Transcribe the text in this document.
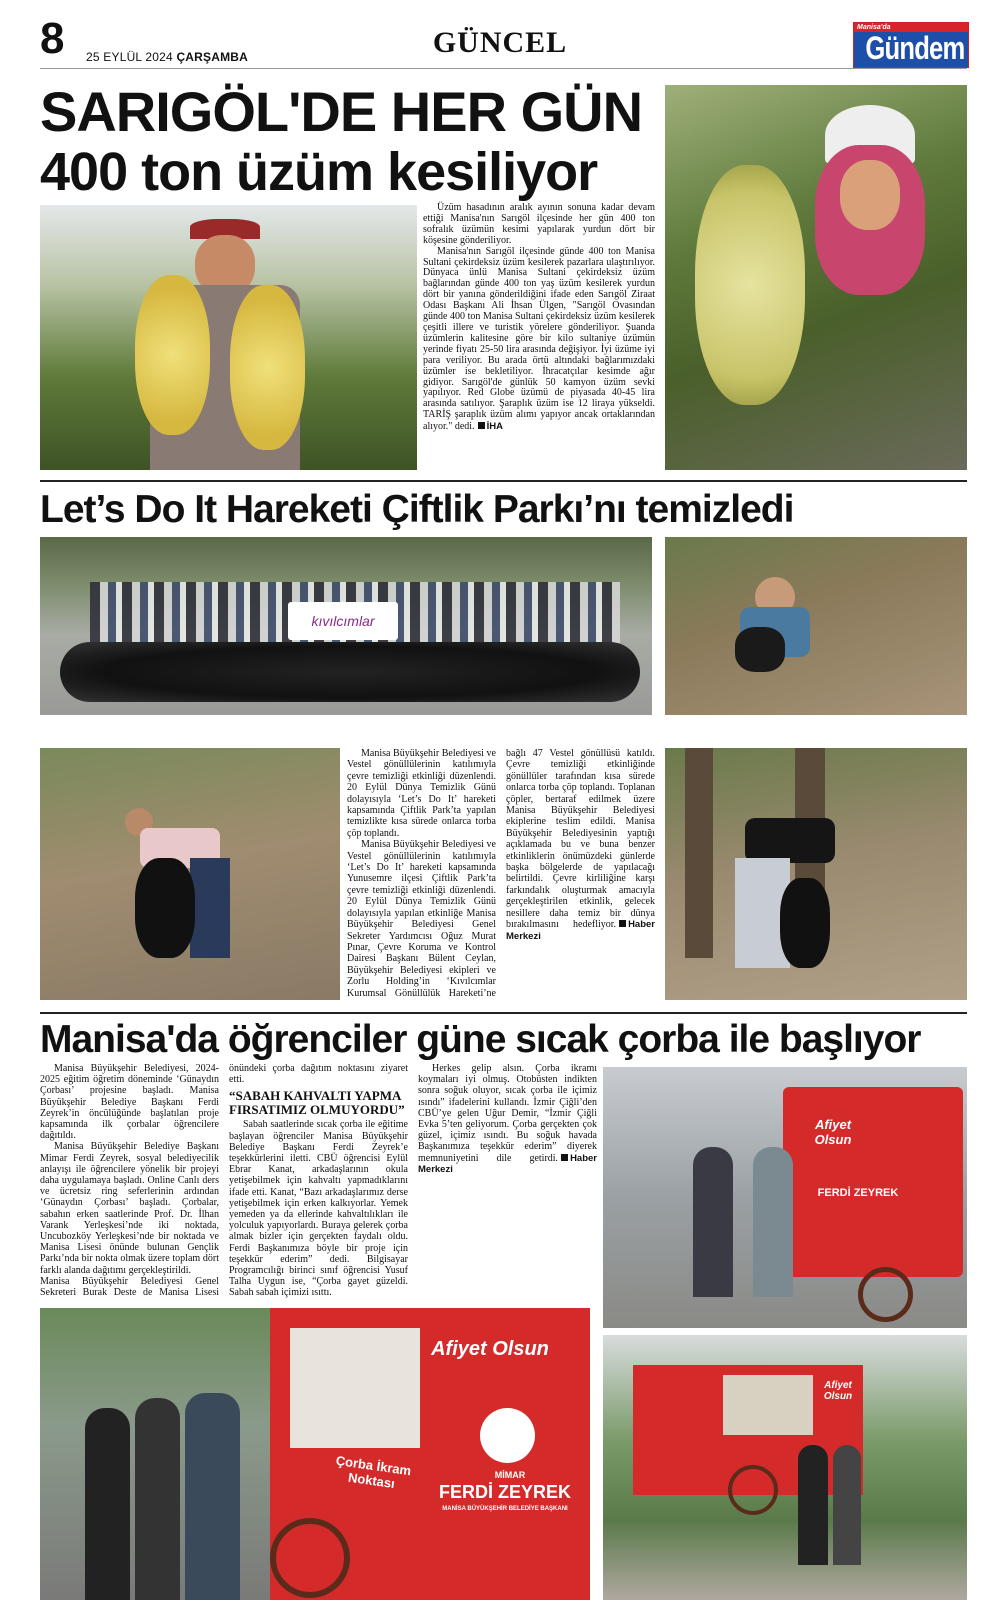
8 25 EYLÜL 2024 ÇARŞAMBA	GÜNCEL	Manisa'da
Gündem
SARIGÖL'DE HER GÜN
400 ton üzüm kesiliyor

Üzüm hasadının aralık ayının sonuna kadar devam ettiği Manisa'nın Sarıgöl ilçesinde her gün 400 ton sofralık üzümün kesimi yapılarak yurdun dört bir köşesine gönderiliyor.

Manisa'nın Sarıgöl ilçesinde günde 400 ton Manisa Sultani çekirdeksiz üzüm kesilerek pazarlara ulaştırılıyor. Dünyaca ünlü Manisa Sultani çekirdeksiz üzüm bağlarından günde 400 ton yaş üzüm kesilerek yurdun dört bir yanına gönderildiğini ifade eden Sarıgöl Ziraat Odası Başkanı Ali İhsan Ülgen, "Sarıgöl Ovasından günde 400 ton Manisa Sultani çekirdeksiz üzüm kesilerek çeşitli illere ve turistik yörelere gönderiliyor. Şuanda üzümlerin kalitesine göre bir kilo sultaniye üzümün yerinde fiyatı 25-50 lira arasında değişiyor. İyi üzüme iyi para veriliyor. Bu arada örtü altındaki bağlarımızdaki üzümler ise bekletiliyor. İhracatçılar kesimde ağır gidiyor. Sarıgöl'de günlük 50 kamyon üzüm sevki yapılıyor. Red Globe üzümü de piyasada 40-45 lira arasında satılıyor. Şaraplık üzüm ise 12 liraya yükseldi. TARİŞ şaraplık üzüm alımı yapıyor ancak ortaklarından alıyor." dedi. İHA

Let’s Do It Hareketi Çiftlik Parkı’nı temizledi
kıvılcımlar

Manisa Büyükşehir Belediyesi ve Vestel gönüllülerinin katılımıyla çevre temizliği etkinliği düzenlendi. 20 Eylül Dünya Temizlik Günü dolayısıyla ‘Let’s Do It’ hareketi kapsamında Çiftlik Park’ta yapılan temizlikte kısa sürede onlarca torba çöp toplandı.

Manisa Büyükşehir Belediyesi ve Vestel gönüllülerinin katılımıyla ‘Let’s Do It’ hareketi kapsamında Yunusemre ilçesi Çiftlik Park’ta çevre temizliği etkinliği düzenlendi. 20 Eylül Dünya Temizlik Günü dolayısıyla yapılan etkinliğe Manisa Büyükşehir Belediyesi Genel Sekreter Yardımcısı Oğuz Murat Pınar, Çevre Koruma ve Kontrol Dairesi Başkanı Bülent Ceylan, Büyükşehir Belediyesi ekipleri ve Zorlu Holding’in ‘Kıvılcımlar Kurumsal Gönüllülük Hareketi’ne bağlı 47 Vestel gönüllüsü katıldı. Çevre temizliği etkinliğinde gönüllüler tarafından kısa sürede onlarca torba çöp toplandı. Toplanan çöpler, bertaraf edilmek üzere Manisa Büyükşehir Belediyesi ekiplerine teslim edildi. Manisa Büyükşehir Belediyesinin yaptığı açıklamada bu ve buna benzer etkinliklerin önümüzdeki günlerde başka bölgelerde de yapılacağı belirtildi. Çevre kirliliğine karşı farkındalık oluşturmak amacıyla gerçekleştirilen etkinlik, gelecek nesillere daha temiz bir dünya bırakılmasını hedefliyor. Haber Merkezi

Manisa'da öğrenciler güne sıcak çorba ile başlıyor

Manisa Büyükşehir Belediyesi, 2024-2025 eğitim öğretim döneminde ‘Günaydın Çorbası’ projesine başladı. Manisa Büyükşehir Belediye Başkanı Ferdi Zeyrek’in öncülüğünde başlatılan proje kapsamında ilk çorbalar öğrencilere dağıtıldı.

Manisa Büyükşehir Belediye Başkanı Mimar Ferdi Zeyrek, sosyal belediyecilik anlayışı ile öğrencilere yönelik bir projeyi daha uygulamaya başladı. Online Canlı ders ve ücretsiz ring seferlerinin ardından ‘Günaydın Çorbası’ başladı. Çorbalar, sabahın erken saatlerinde Prof. Dr. İlhan Varank Yerleşkesi’nde iki noktada, Uncubozköy Yerleşkesi’nde bir noktada ve Manisa Lisesi önünde bulunan Gençlik Parkı’nda bir nokta olmak üzere toplam dört farklı alanda dağıtımı gerçekleştirildi.

Manisa Büyükşehir Belediyesi Genel Sekreteri Burak Deste de Manisa Lisesi önündeki çorba dağıtım noktasını ziyaret etti.

“SABAH KAHVALTI YAPMA FIRSATIMIZ OLMUYORDU”

Sabah saatlerinde sıcak çorba ile eğitime başlayan öğrenciler Manisa Büyükşehir Belediye Başkanı Ferdi Zeyrek’e teşekkürlerini iletti. CBÜ öğrencisi Eylül Ebrar Kanat, arkadaşlarının okula yetişebilmek için kahvaltı yapmadıklarını ifade etti. Kanat, “Bazı arkadaşlarımız derse yetişebilmek için erken kalkıyorlar. Yemek yemeden ya da ellerinde kahvaltılıkları ile yolculuk yapıyorlardı. Buraya gelerek çorba almak bizler için gerçekten faydalı oldu. Ferdi Başkanımıza böyle bir proje için teşekkür ederim” dedi. Bilgisayar Programcılığı birinci sınıf öğrencisi Yusuf Talha Uygun ise, “Çorba gayet güzeldi. Sabah sabah içimizi ısıttı.

Herkes gelip alsın. Çorba ikramı koymaları iyi olmuş. Otobüsten indikten sonra soğuk oluyor, sıcak çorba ile içimiz ısındı” ifadelerini kullandı. İzmir Çiğli’den CBÜ’ye gelen Uğur Demir, “İzmir Çiğli Evka 5’ten geliyorum. Çorba gerçekten çok güzel, içimiz ısındı. Bu soğuk havada Başkanımıza teşekkür ederim” diyerek memnuniyetini dile getirdi. Haber Merkezi

Afiyet Olsun
FERDİ ZEYREK
Afiyet Olsun
MİMAR
FERDİ ZEYREK
MANİSA BÜYÜKŞEHİR BELEDİYE BAŞKANI
Çorba İkram Noktası
Afiyet Olsun
